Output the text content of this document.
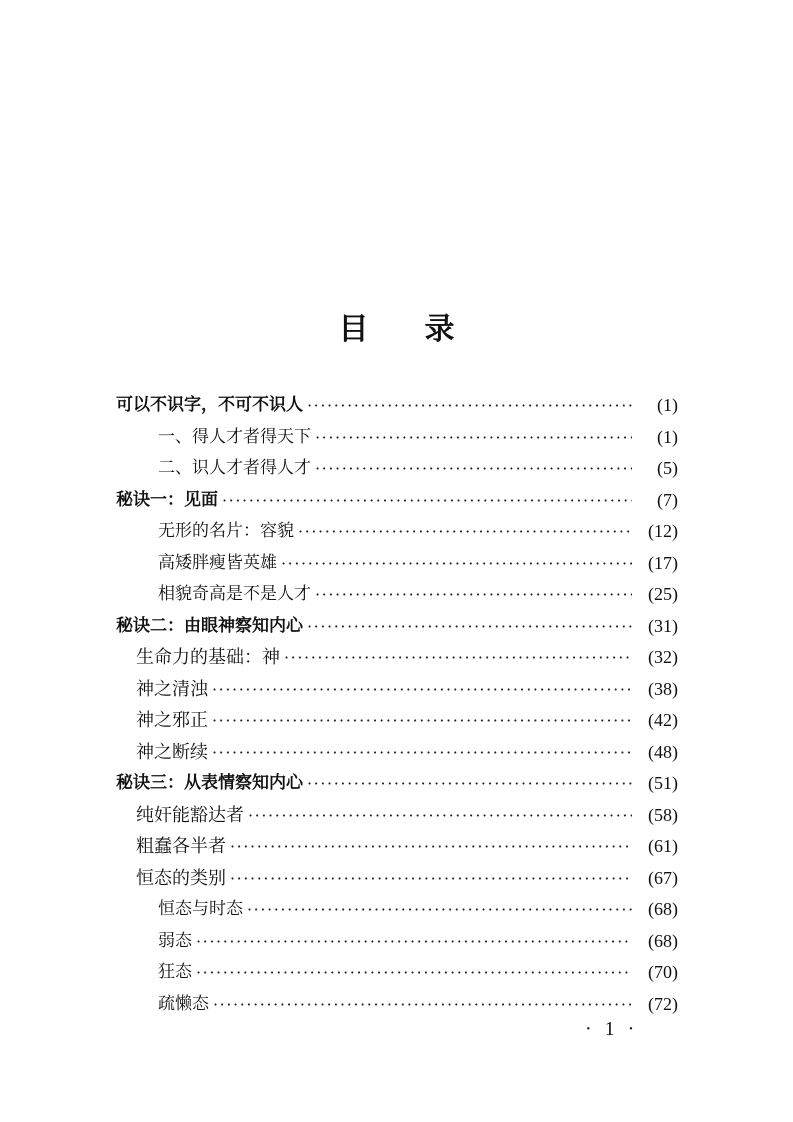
目 录
可以不识字，不可不识人 ·····	(1)
一、得人才者得天下 ·····	(1)
二、识人才者得人才 ·····	(5)
秘诀一：见面 ·····	(7)
无形的名片：容貌 ·····	(12)
高矮胖瘦皆英雄 ·····	(17)
相貌奇高是不是人才 ·····	(25)
秘诀二：由眼神察知内心 ·····	(31)
生命力的基础：神 ·····	(32)
神之清浊 ·····	(38)
神之邪正 ·····	(42)
神之断续 ·····	(48)
秘诀三：从表情察知内心 ·····	(51)
纯奸能豁达者 ·····	(58)
粗蠢各半者 ·····	(61)
恒态的类别 ·····	(67)
恒态与时态 ·····	(68)
弱态 ·····	(68)
狂态 ·····	(70)
疏懒态 ·····	(72)
· 1 ·
